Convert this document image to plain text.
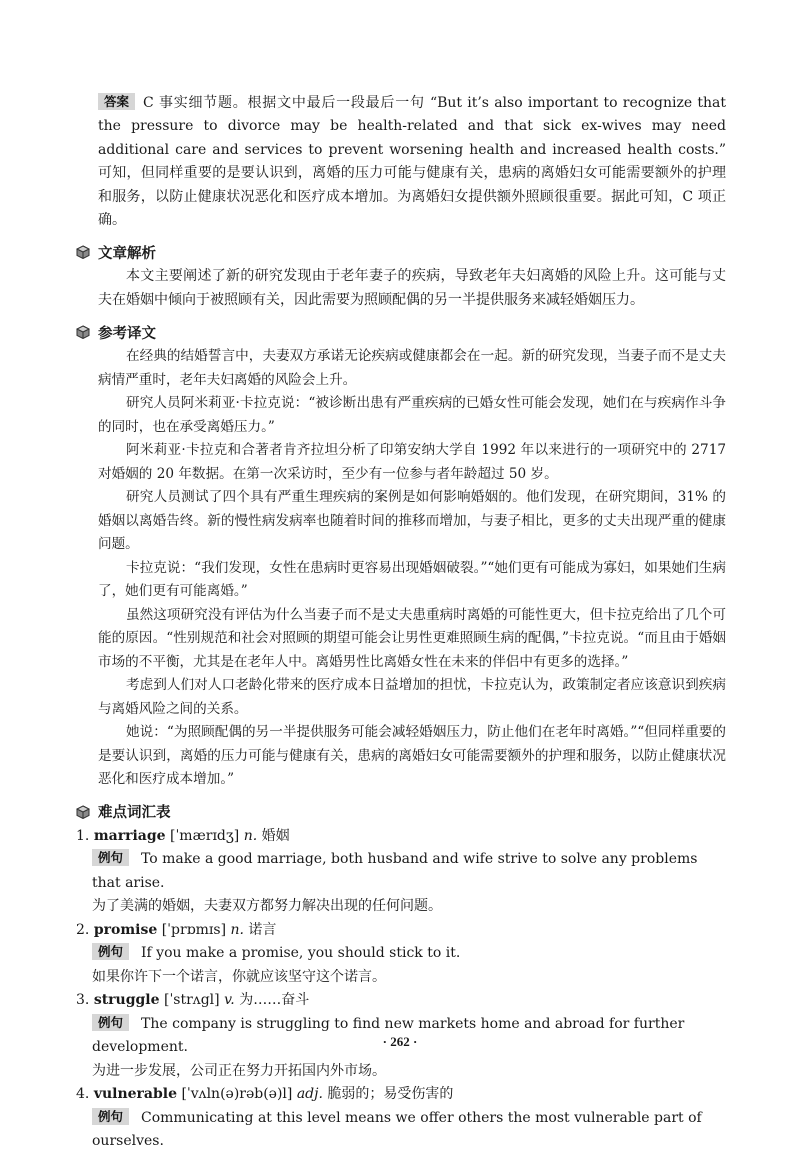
答案 C 事实细节题。根据文中最后一段最后一句 “But it’s also important to recognize that the pressure to divorce may be health-related and that sick ex-wives may need additional care and services to prevent worsening health and increased health costs.” 可知，但同样重要的是要认识到，离婚的压力可能与健康有关，患病的离婚妇女可能需要额外的护理和服务，以防止健康状况恶化和医疗成本增加。为离婚妇女提供额外照顾很重要。据此可知，C 项正确。
文章解析

本文主要阐述了新的研究发现由于老年妻子的疾病，导致老年夫妇离婚的风险上升。这可能与丈夫在婚姻中倾向于被照顾有关，因此需要为照顾配偶的另一半提供服务来减轻婚姻压力。

参考译文

在经典的结婚誓言中，夫妻双方承诺无论疾病或健康都会在一起。新的研究发现，当妻子而不是丈夫病情严重时，老年夫妇离婚的风险会上升。

研究人员阿米莉亚·卡拉克说：“被诊断出患有严重疾病的已婚女性可能会发现，她们在与疾病作斗争的同时，也在承受离婚压力。”

阿米莉亚·卡拉克和合著者肯齐拉坦分析了印第安纳大学自 1992 年以来进行的一项研究中的 2717 对婚姻的 20 年数据。在第一次采访时，至少有一位参与者年龄超过 50 岁。

研究人员测试了四个具有严重生理疾病的案例是如何影响婚姻的。他们发现，在研究期间，31% 的婚姻以离婚告终。新的慢性病发病率也随着时间的推移而增加，与妻子相比，更多的丈夫出现严重的健康问题。

卡拉克说：“我们发现，女性在患病时更容易出现婚姻破裂。”“她们更有可能成为寡妇，如果她们生病了，她们更有可能离婚。”

虽然这项研究没有评估为什么当妻子而不是丈夫患重病时离婚的可能性更大，但卡拉克给出了几个可能的原因。“性别规范和社会对照顾的期望可能会让男性更难照顾生病的配偶，”卡拉克说。“而且由于婚姻市场的不平衡，尤其是在老年人中。离婚男性比离婚女性在未来的伴侣中有更多的选择。”

考虑到人们对人口老龄化带来的医疗成本日益增加的担忧，卡拉克认为，政策制定者应该意识到疾病与离婚风险之间的关系。

她说：“为照顾配偶的另一半提供服务可能会减轻婚姻压力，防止他们在老年时离婚。”“但同样重要的是要认识到，离婚的压力可能与健康有关，患病的离婚妇女可能需要额外的护理和服务，以防止健康状况恶化和医疗成本增加。”

难点词汇表
1. marriage [ˈmærɪdʒ] n. 婚姻
例句 To make a good marriage, both husband and wife strive to solve any problems that arise.
为了美满的婚姻，夫妻双方都努力解决出现的任何问题。
2. promise [ˈprɒmɪs] n. 诺言
例句 If you make a promise, you should stick to it.
如果你许下一个诺言，你就应该坚守这个诺言。
3. struggle [ˈstrʌgl] v. 为……奋斗
例句 The company is struggling to find new markets home and abroad for further development.
为进一步发展，公司正在努力开拓国内外市场。
4. vulnerable [ˈvʌln(ə)rəb(ə)l] adj. 脆弱的；易受伤害的
例句 Communicating at this level means we offer others the most vulnerable part of ourselves.
· 262 ·
